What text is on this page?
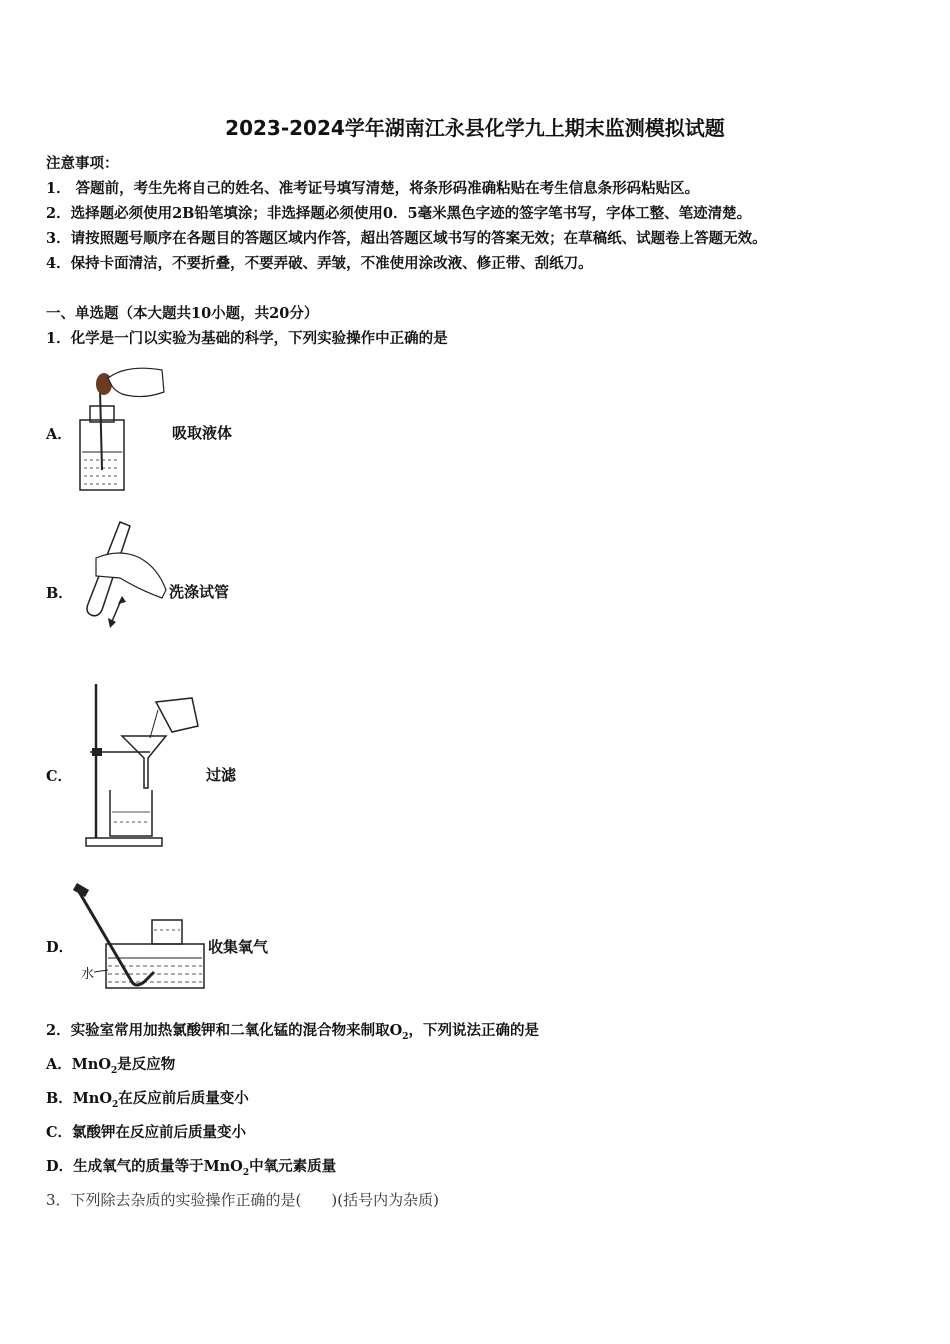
2023-2024学年湖南江永县化学九上期末监测模拟试题
注意事项：
1． 答题前，考生先将自己的姓名、准考证号填写清楚，将条形码准确粘贴在考生信息条形码粘贴区。
2．选择题必须使用2B铅笔填涂；非选择题必须使用0．5毫米黑色字迹的签字笔书写，字体工整、笔迹清楚。
3．请按照题号顺序在各题目的答题区域内作答，超出答题区域书写的答案无效；在草稿纸、试题卷上答题无效。
4．保持卡面清洁，不要折叠，不要弄破、弄皱，不准使用涂改液、修正带、刮纸刀。
一、单选题（本大题共10小题，共20分）
1．化学是一门以实验为基础的科学，下列实验操作中正确的是
A．	吸取液体
B．	洗涤试管
C．	过滤
D．
水
收集氧气
2．实验室常用加热氯酸钾和二氧化锰的混合物来制取$O_2$，下列说法正确的是
A．MnO$_2$是反应物
B．MnO$_2$在反应前后质量变小
C．氯酸钾在反应前后质量变小
D．生成氧气的质量等于MnO$_2$中氧元素质量
3．下列除去杂质的实验操作正确的是(　　)(括号内为杂质)
